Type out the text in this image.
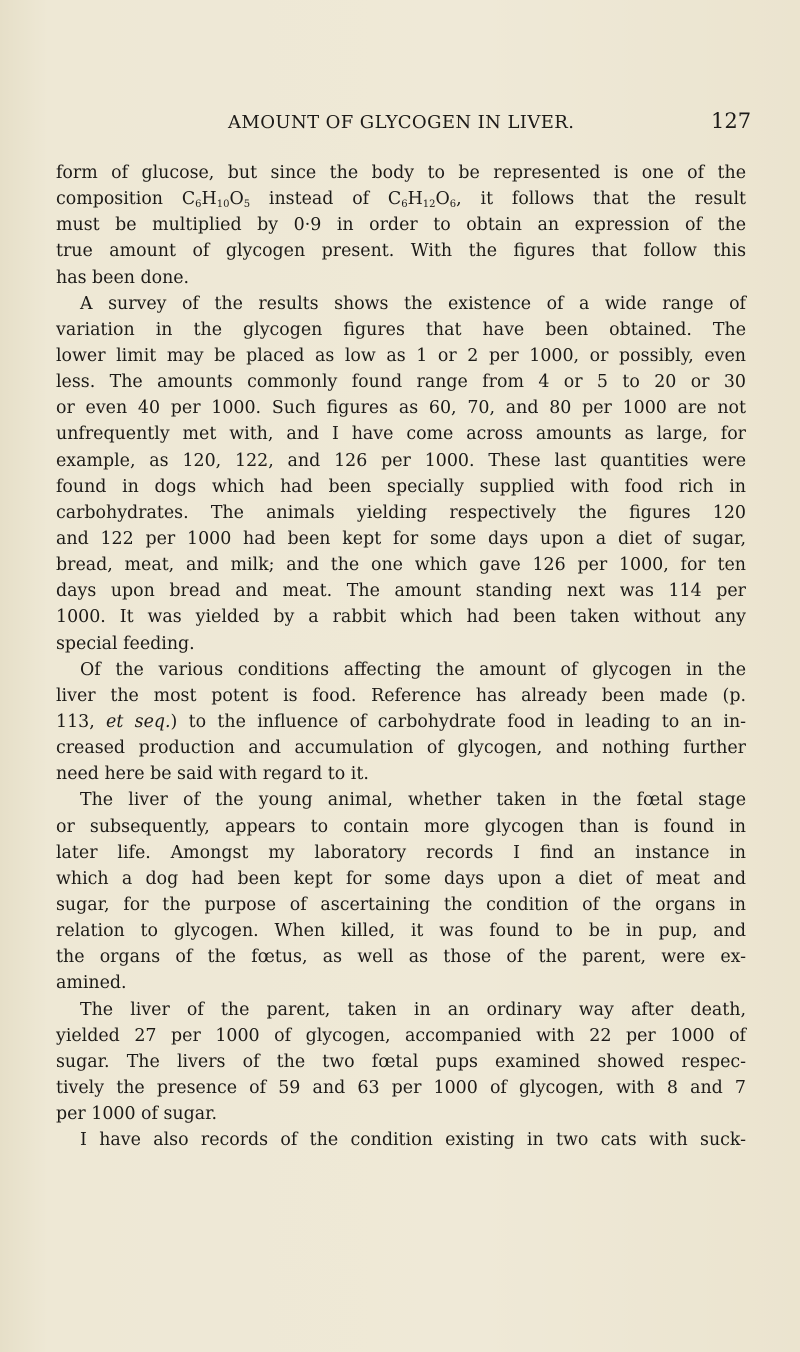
AMOUNT OF GLYCOGEN IN LIVER.	127
form of glucose, but since the body to be represented is one of the
composition $C_6H_{10}O_5$ instead of $C_6H_{12}O_6$, it follows that the result
must be multiplied by 0·9 in order to obtain an expression of the
true amount of glycogen present. With the figures that follow this
has been done.
A survey of the results shows the existence of a wide range of
variation in the glycogen figures that have been obtained. The
lower limit may be placed as low as 1 or 2 per 1000, or possibly, even
less. The amounts commonly found range from 4 or 5 to 20 or 30
or even 40 per 1000. Such figures as 60, 70, and 80 per 1000 are not
unfrequently met with, and I have come across amounts as large, for
example, as 120, 122, and 126 per 1000. These last quantities were
found in dogs which had been specially supplied with food rich in
carbohydrates. The animals yielding respectively the figures 120
and 122 per 1000 had been kept for some days upon a diet of sugar,
bread, meat, and milk; and the one which gave 126 per 1000, for ten
days upon bread and meat. The amount standing next was 114 per
1000. It was yielded by a rabbit which had been taken without any
special feeding.
Of the various conditions affecting the amount of glycogen in the
liver the most potent is food. Reference has already been made (p.
113, et seq.) to the influence of carbohydrate food in leading to an in-
creased production and accumulation of glycogen, and nothing further
need here be said with regard to it.
The liver of the young animal, whether taken in the fœtal stage
or subsequently, appears to contain more glycogen than is found in
later life. Amongst my laboratory records I find an instance in
which a dog had been kept for some days upon a diet of meat and
sugar, for the purpose of ascertaining the condition of the organs in
relation to glycogen. When killed, it was found to be in pup, and
the organs of the fœtus, as well as those of the parent, were ex-
amined.
The liver of the parent, taken in an ordinary way after death,
yielded 27 per 1000 of glycogen, accompanied with 22 per 1000 of
sugar. The livers of the two fœtal pups examined showed respec-
tively the presence of 59 and 63 per 1000 of glycogen, with 8 and 7
per 1000 of sugar.
I have also records of the condition existing in two cats with suck-
